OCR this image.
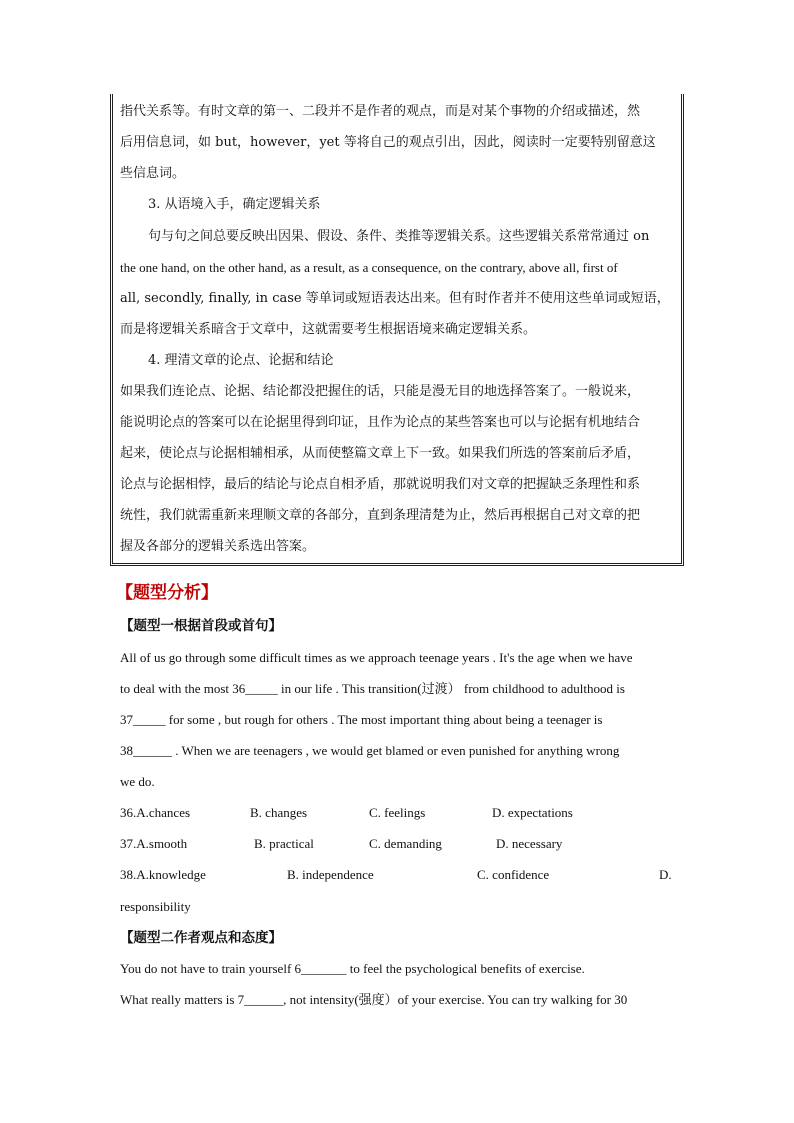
指代关系等。有时文章的第一、二段并不是作者的观点，而是对某个事物的介绍或描述，然
后用信息词，如 but，however，yet 等将自己的观点引出，因此，阅读时一定要特别留意这
些信息词。
3. 从语境入手，确定逻辑关系
句与句之间总要反映出因果、假设、条件、类推等逻辑关系。这些逻辑关系常常通过 on
the one hand, on the other hand, as a result, as a consequence, on the contrary, above all, first of
all, secondly, finally, in case 等单词或短语表达出来。但有时作者并不使用这些单词或短语，
而是将逻辑关系暗含于文章中，这就需要考生根据语境来确定逻辑关系。
4. 理清文章的论点、论据和结论
如果我们连论点、论据、结论都没把握住的话，只能是漫无目的地选择答案了。一般说来，
能说明论点的答案可以在论据里得到印证，且作为论点的某些答案也可以与论据有机地结合
起来，使论点与论据相辅相承，从而使整篇文章上下一致。如果我们所选的答案前后矛盾，
论点与论据相悖，最后的结论与论点自相矛盾，那就说明我们对文章的把握缺乏条理性和系
统性，我们就需重新来理顺文章的各部分，直到条理清楚为止，然后再根据自己对文章的把
握及各部分的逻辑关系选出答案。
【题型分析】
【题型一根据首段或首句】
All of us go through some difficult times as we approach teenage years . It's the age when we have
to deal with the most 36_____ in our life . This transition(过渡） from childhood to adulthood is
37_____ for some , but rough for others . The most important thing about being a teenager is
38______ . When we are teenagers , we would get blamed or even punished for anything wrong
we do.
36.A.chances	B. changes	C. feelings	D. expectations
37.A.smooth	B. practical	C. demanding	D. necessary
38.A.knowledge	B. independence	C. confidence	D.
responsibility
【题型二作者观点和态度】
You do not have to train yourself 6_______ to feel the psychological benefits of exercise.
What really matters is 7______, not intensity(强度）of your exercise. You can try walking for 30
